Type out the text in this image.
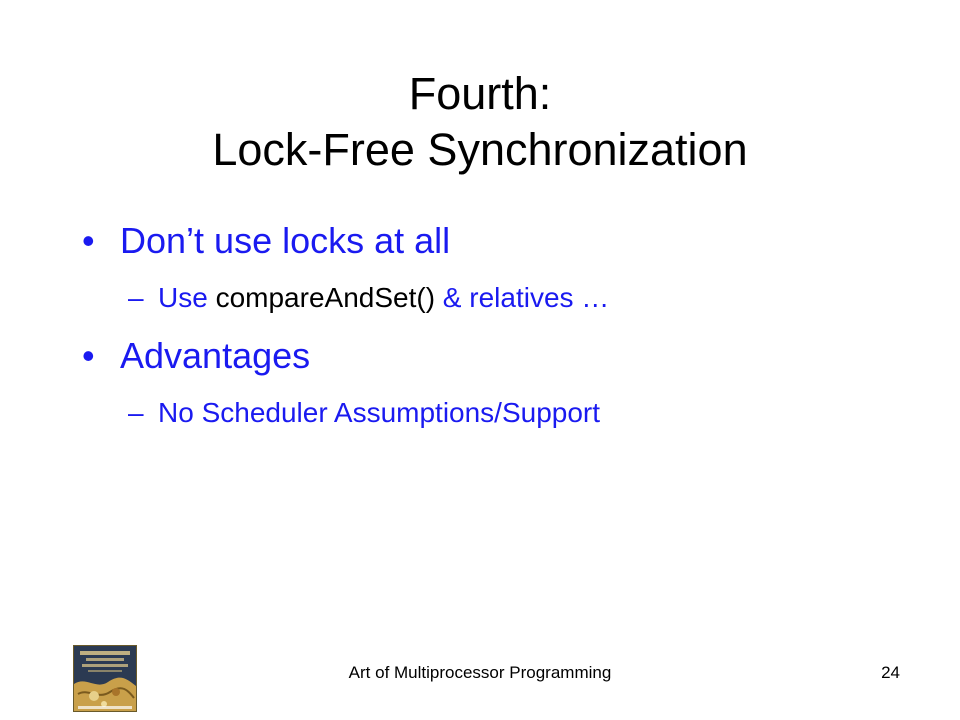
Fourth:
Lock-Free Synchronization
• Don’t use locks at all
– Use compareAndSet() & relatives …
• Advantages
– No Scheduler Assumptions/Support
Art of Multiprocessor Programming	24
